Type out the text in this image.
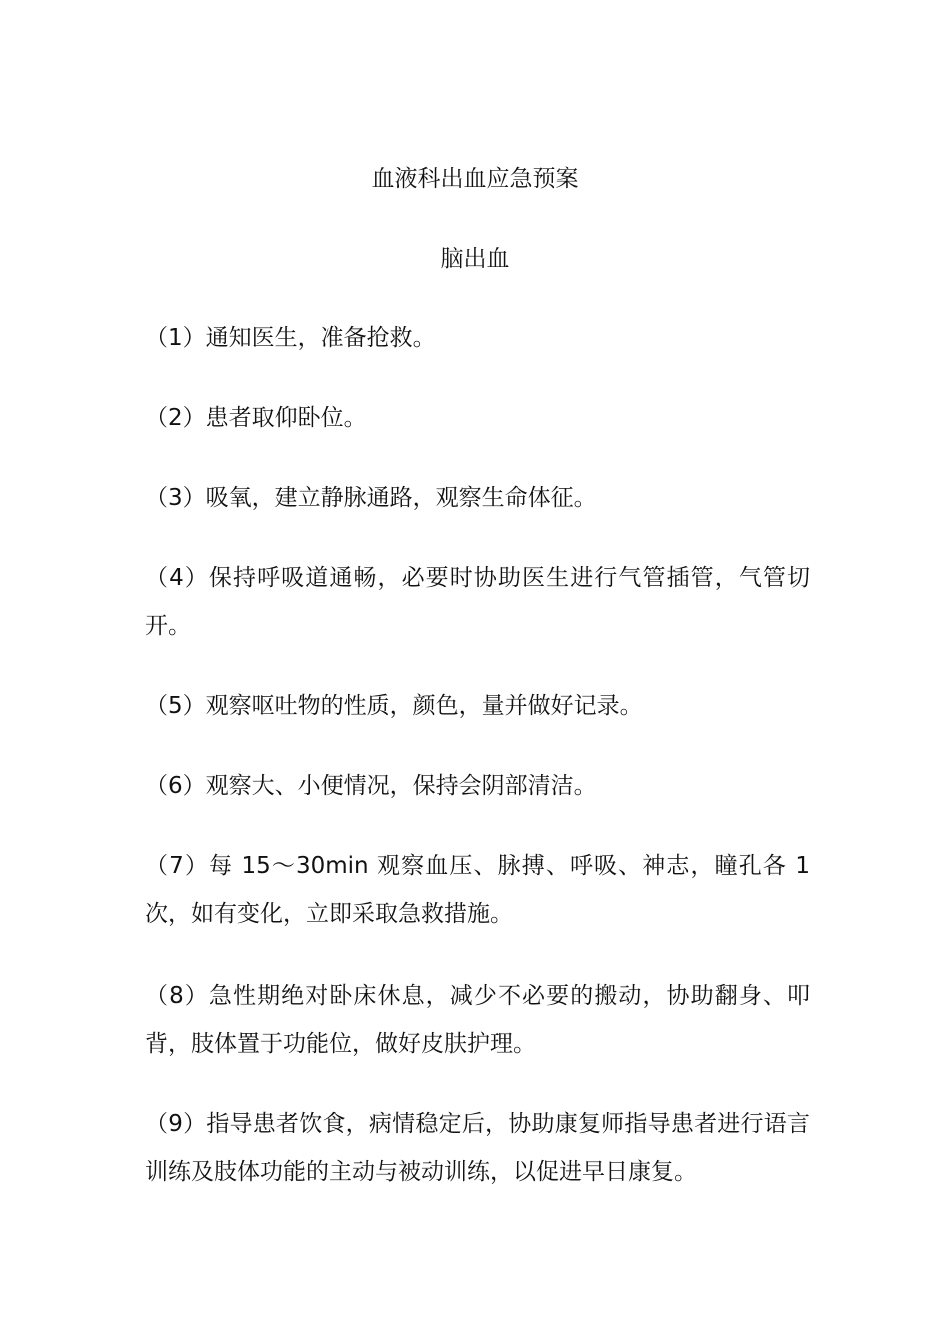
血液科出血应急预案
脑出血
（1）通知医生，准备抢救。
（2）患者取仰卧位。
（3）吸氧，建立静脉通路，观察生命体征。
（4）保持呼吸道通畅，必要时协助医生进行气管插管，气管切开。
（5）观察呕吐物的性质，颜色，量并做好记录。
（6）观察大、小便情况，保持会阴部清洁。
（7）每 15～30min 观察血压、脉搏、呼吸、神志，瞳孔各 1 次，如有变化，立即采取急救措施。
（8）急性期绝对卧床休息，减少不必要的搬动，协助翻身、叩背，肢体置于功能位，做好皮肤护理。
（9）指导患者饮食，病情稳定后，协助康复师指导患者进行语言训练及肢体功能的主动与被动训练，以促进早日康复。
